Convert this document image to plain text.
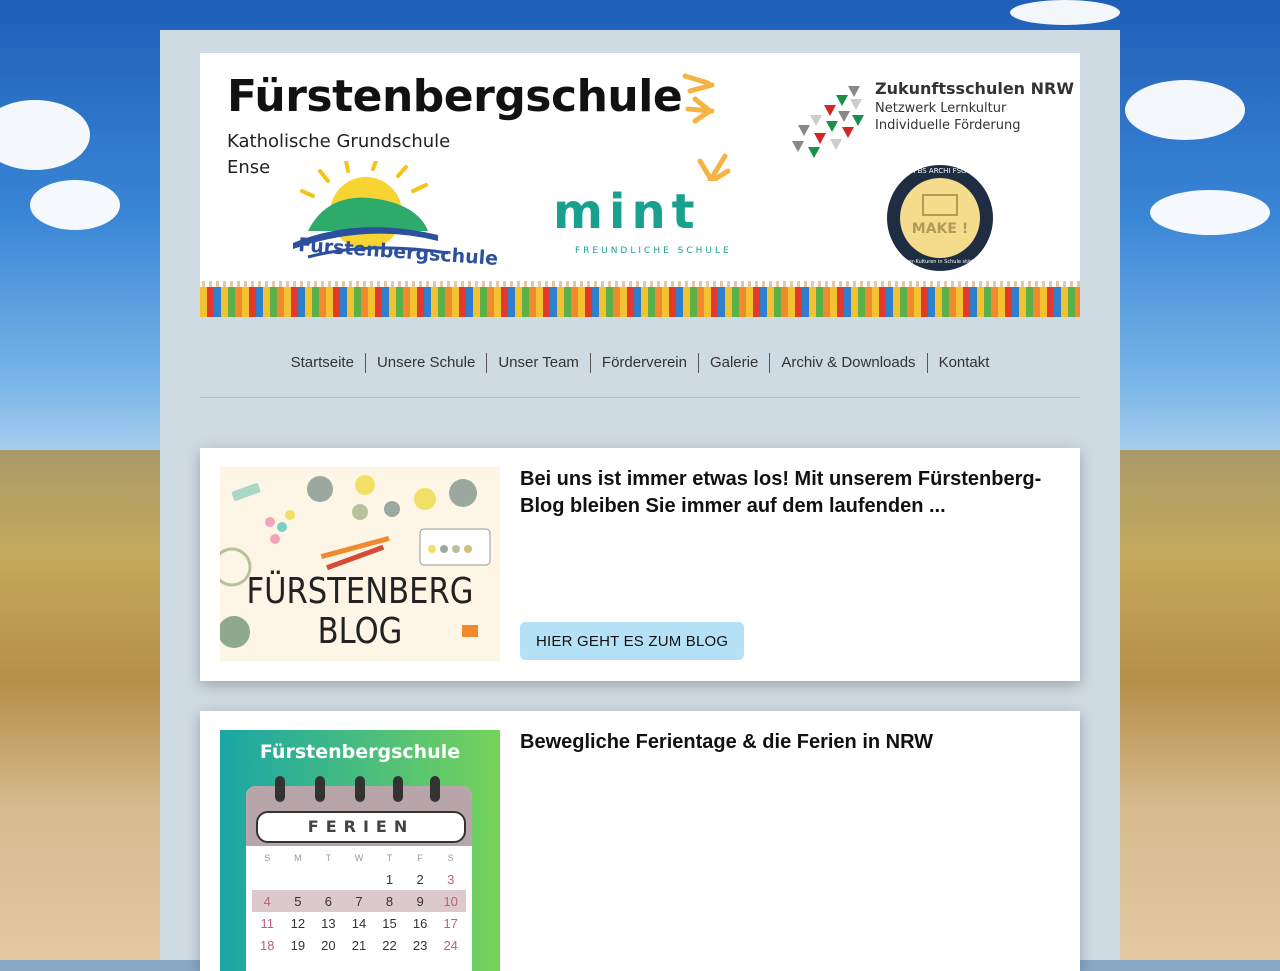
Fürstenbergschule
Katholische Grundschule
Ense
Fürstenbergschule
mint
FREUNDLICHE SCHULE
Zukunftsschulen NRW
Netzwerk Lernkultur
Individuelle Förderung
FBS ARCHI FSG
MAKE !
Maker-Kulturen in Schule stärken
Startseite	Unsere Schule	Unser Team	Förderverein	Galerie	Archiv & Downloads	Kontakt
FÜRSTENBERG
BLOG
Bei uns ist immer etwas los! Mit unserem Fürstenberg-Blog bleiben Sie immer auf dem laufenden ...
HIER GEHT ES ZUM BLOG
Fürstenbergschule
FERIEN
S	M	T	W	T	F	S
				1	2	3
4	5	6	7	8	9	10
11	12	13	14	15	16	17
18	19	20	21	22	23	24
Bewegliche Ferientage & die Ferien in NRW
